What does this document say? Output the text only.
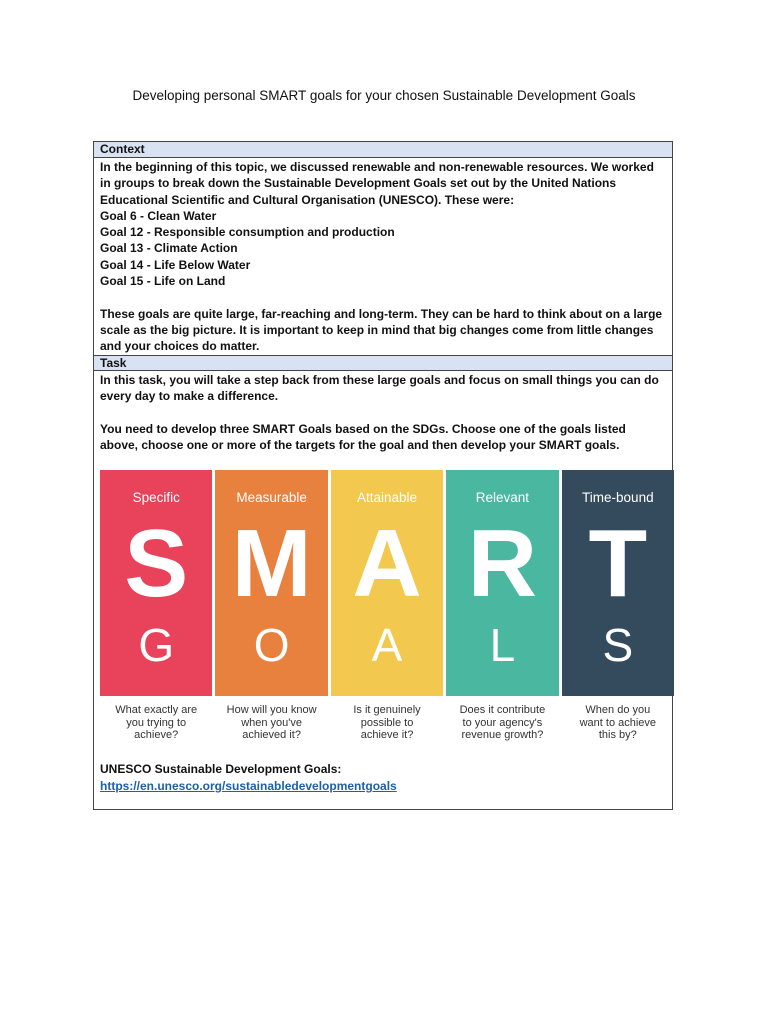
Developing personal SMART goals for your chosen Sustainable Development Goals
Context

In the beginning of this topic, we discussed renewable and non-renewable resources. We worked in groups to break down the Sustainable Development Goals set out by the United Nations Educational Scientific and Cultural Organisation (UNESCO). These were:

Goal 6 - Clean Water

Goal 12 - Responsible consumption and production

Goal 13 - Climate Action

Goal 14 - Life Below Water

Goal 15 - Life on Land

These goals are quite large, far-reaching and long-term. They can be hard to think about on a large scale as the big picture. It is important to keep in mind that big changes come from little changes and your choices do matter.

Task

In this task, you will take a step back from these large goals and focus on small things you can do every day to make a difference.

You need to develop three SMART Goals based on the SDGs. Choose one of the goals listed above, choose one or more of the targets for the goal and then develop your SMART goals.

Specific
S
G
What exactly are
you trying to
achieve?
Measurable
M
O
How will you know
when you've
achieved it?
Attainable
A
A
Is it genuinely
possible to
achieve it?
Relevant
R
L
Does it contribute
to your agency's
revenue growth?
Time-bound
T
S
When do you
want to achieve
this by?
UNESCO Sustainable Development Goals:
https://en.unesco.org/sustainabledevelopmentgoals
